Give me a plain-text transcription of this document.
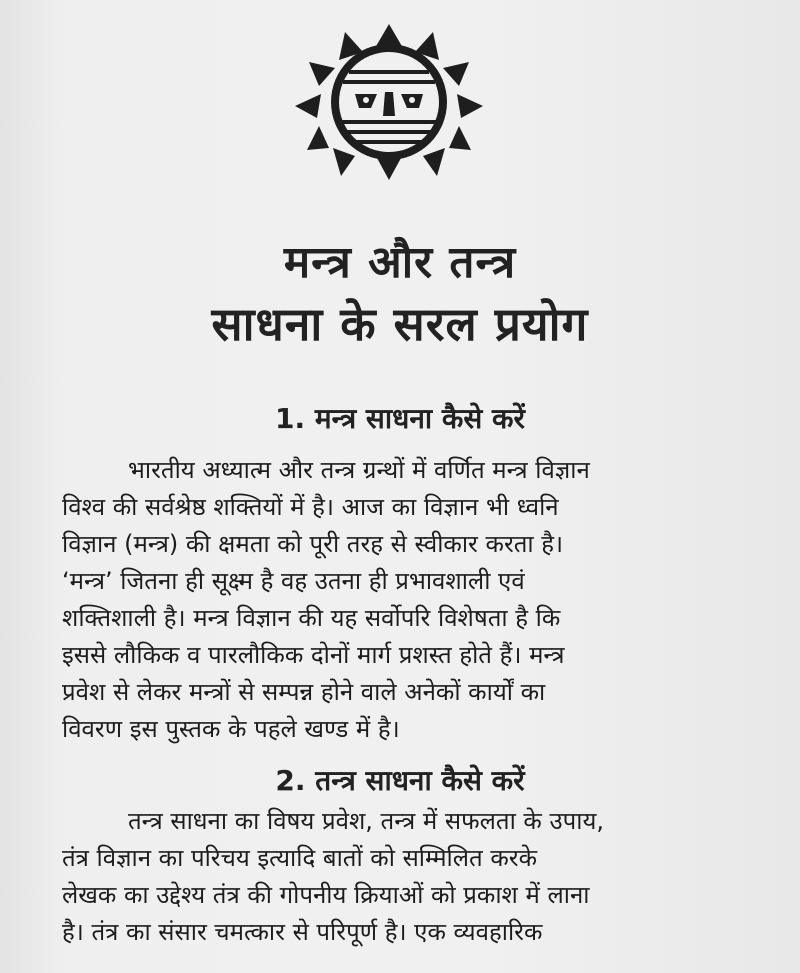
मन्त्र और तन्त्र
साधना के सरल प्रयोग
1. मन्त्र साधना कैसे करें
भारतीय अध्यात्म और तन्त्र ग्रन्थों में वर्णित मन्त्र विज्ञान
विश्व की सर्वश्रेष्ठ शक्तियों में है। आज का विज्ञान भी ध्वनि
विज्ञान (मन्त्र) की क्षमता को पूरी तरह से स्वीकार करता है।
‘मन्त्र’ जितना ही सूक्ष्म है वह उतना ही प्रभावशाली एवं
शक्तिशाली है। मन्त्र विज्ञान की यह सर्वोपरि विशेषता है कि
इससे लौकिक व पारलौकिक दोनों मार्ग प्रशस्त होते हैं। मन्त्र
प्रवेश से लेकर मन्त्रों से सम्पन्न होने वाले अनेकों कार्यों का
विवरण इस पुस्तक के पहले खण्ड में है।
2. तन्त्र साधना कैसे करें
तन्त्र साधना का विषय प्रवेश, तन्त्र में सफलता के उपाय,
तंत्र विज्ञान का परिचय इत्यादि बातों को सम्मिलित करके
लेखक का उद्देश्य तंत्र की गोपनीय क्रियाओं को प्रकाश में लाना
है। तंत्र का संसार चमत्कार से परिपूर्ण है। एक व्यवहारिक
